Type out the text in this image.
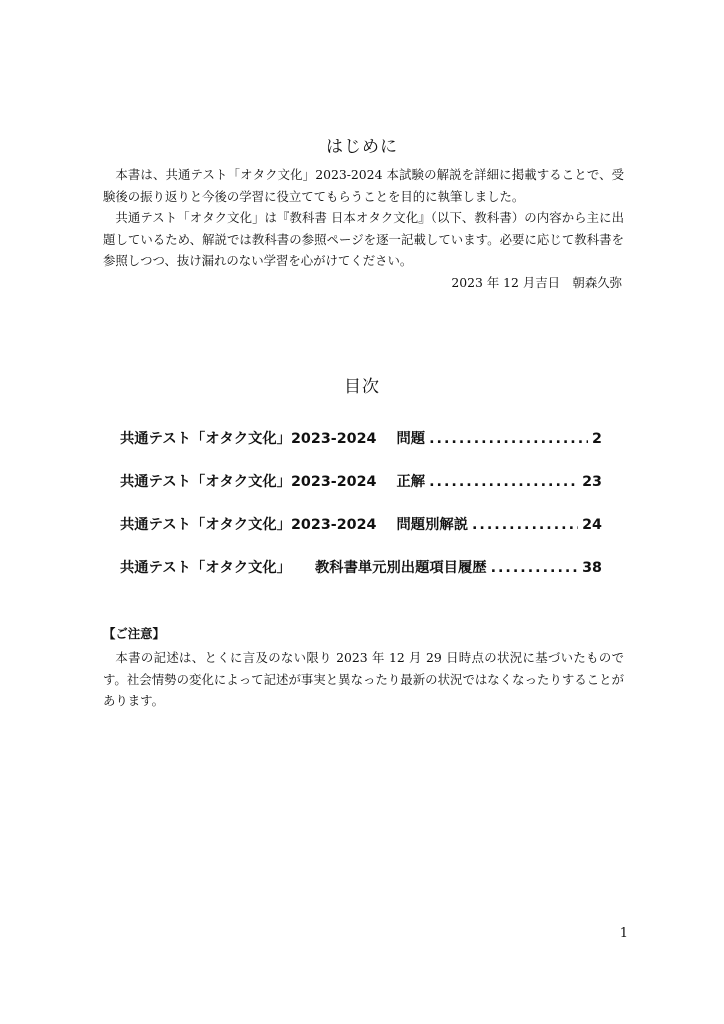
はじめに

本書は、共通テスト「オタク文化」2023-2024 本試験の解説を詳細に掲載することで、受験後の振り返りと今後の学習に役立ててもらうことを目的に執筆しました。

共通テスト「オタク文化」は『教科書 日本オタク文化』（以下、教科書）の内容から主に出題しているため、解説では教科書の参照ページを逐一記載しています。必要に応じて教科書を参照しつつ、抜け漏れのない学習を心がけてください。

2023 年 12 月吉日　朝森久弥
目次
共通テスト「オタク文化」2023-2024 問題 .....	2
共通テスト「オタク文化」2023-2024 正解 .....	23
共通テスト「オタク文化」2023-2024 問題別解説 .....	24
共通テスト「オタク文化」 教科書単元別出題項目履歴 .....	38
【ご注意】

本書の記述は、とくに言及のない限り 2023 年 12 月 29 日時点の状況に基づいたものです。社会情勢の変化によって記述が事実と異なったり最新の状況ではなくなったりすることがあります。

1
